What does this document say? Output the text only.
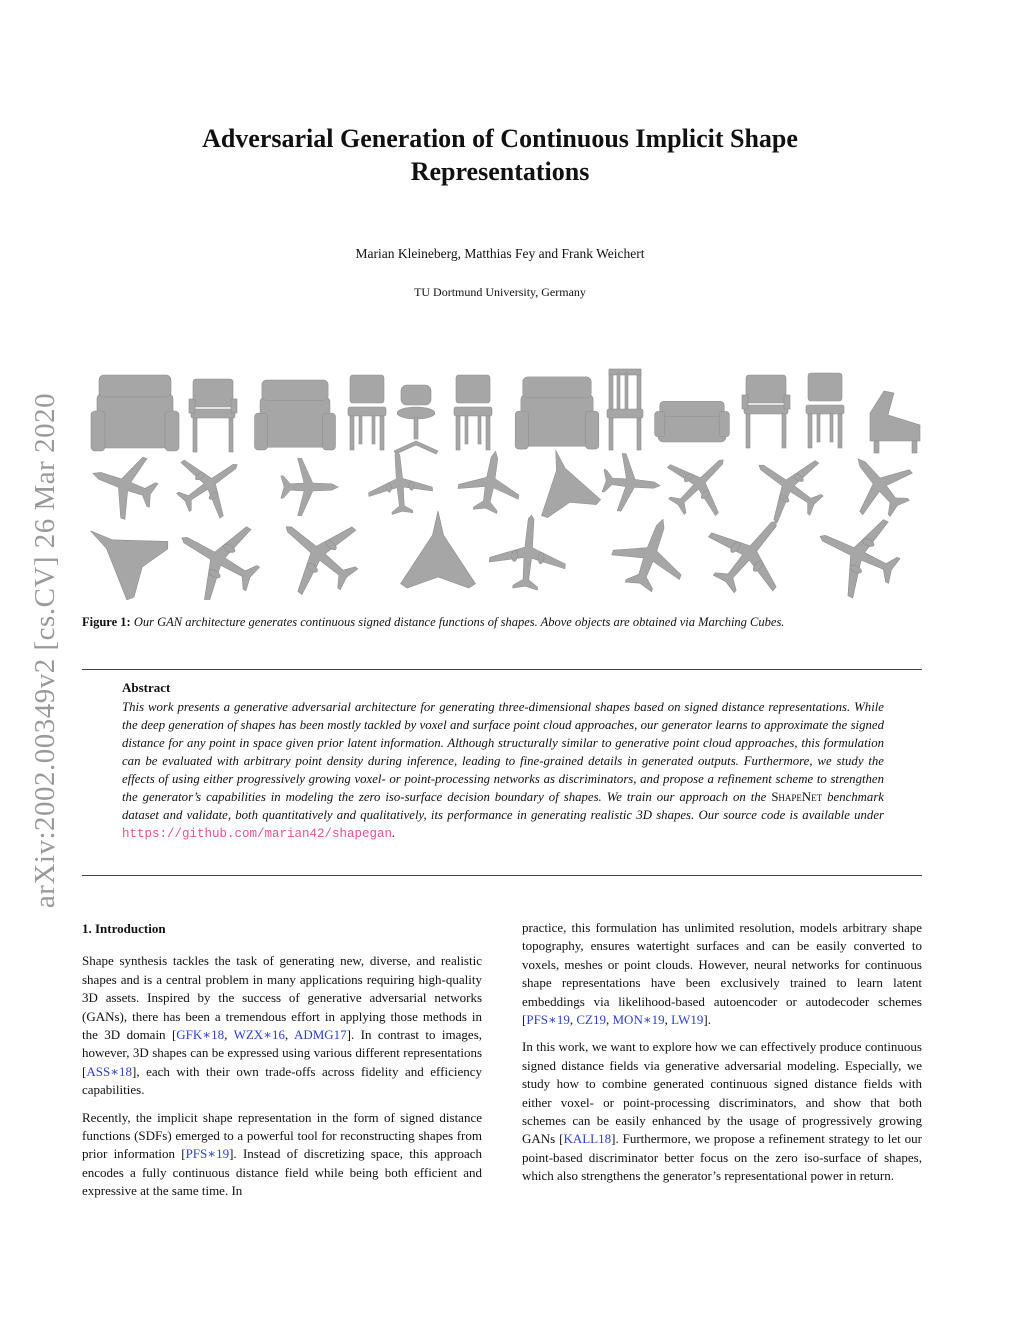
arXiv:2002.00349v2 [cs.CV] 26 Mar 2020
Adversarial Generation of Continuous Implicit Shape Representations
Marian Kleineberg, Matthias Fey and Frank Weichert
TU Dortmund University, Germany
Figure 1: Our GAN architecture generates continuous signed distance functions of shapes. Above objects are obtained via Marching Cubes.
Abstract

This work presents a generative adversarial architecture for generating three-dimensional shapes based on signed distance representations. While the deep generation of shapes has been mostly tackled by voxel and surface point cloud approaches, our generator learns to approximate the signed distance for any point in space given prior latent information. Although structurally similar to generative point cloud approaches, this formulation can be evaluated with arbitrary point density during inference, leading to fine-grained details in generated outputs. Furthermore, we study the effects of using either progressively growing voxel- or point-processing networks as discriminators, and propose a refinement scheme to strengthen the generator’s capabilities in modeling the zero iso-surface decision boundary of shapes. We train our approach on the ShapeNet benchmark dataset and validate, both quantitatively and qualitatively, its performance in generating realistic 3D shapes. Our source code is available under https://github.com/marian42/shapegan.

1. Introduction

Shape synthesis tackles the task of generating new, diverse, and realistic shapes and is a central problem in many applications requiring high-quality 3D assets. Inspired by the success of generative adversarial networks (GANs), there has been a tremendous effort in applying those methods in the 3D domain [GFK∗18, WZX∗16, ADMG17]. In contrast to images, however, 3D shapes can be expressed using various different representations [ASS∗18], each with their own trade-offs across fidelity and efficiency capabilities.

Recently, the implicit shape representation in the form of signed distance functions (SDFs) emerged to a powerful tool for reconstructing shapes from prior information [PFS∗19]. Instead of discretizing space, this approach encodes a fully continuous distance field while being both efficient and expressive at the same time. In

practice, this formulation has unlimited resolution, models arbitrary shape topography, ensures watertight surfaces and can be easily converted to voxels, meshes or point clouds. However, neural networks for continuous shape representations have been exclusively trained to learn latent embeddings via likelihood-based autoencoder or autodecoder schemes [PFS∗19, CZ19, MON∗19, LW19].

In this work, we want to explore how we can effectively produce continuous signed distance fields via generative adversarial modeling. Especially, we study how to combine generated continuous signed distance fields with either voxel- or point-processing discriminators, and show that both schemes can be easily enhanced by the usage of progressively growing GANs [KALL18]. Furthermore, we propose a refinement strategy to let our point-based discriminator better focus on the zero iso-surface of shapes, which also strengthens the generator’s representational power in return.
